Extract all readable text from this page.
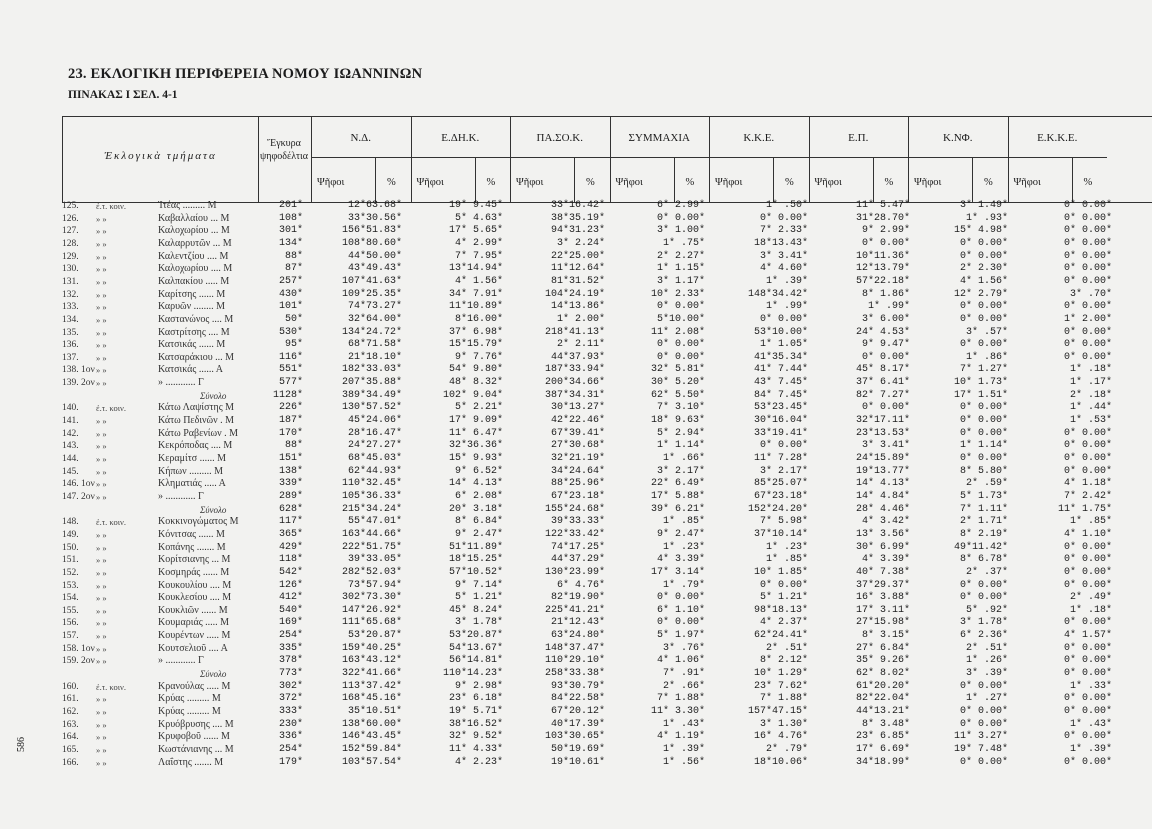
23. ΕΚΛΟΓΙΚΗ ΠΕΡΙΦΕΡΕΙΑ ΝΟΜΟΥ ΙΩΑΝΝΙΝΩΝ
ΠΙΝΑΚΑΣ Ι ΣΕΛ. 4-1
586
Ἐκλογικὰ τμήματα
Ἔγκυρα ψηφοδέλτια
Ν.Δ.
Ψῆφοι	%
Ε.ΔΗ.Κ.
Ψῆφοι	%
ΠΑ.ΣΟ.Κ.
Ψῆφοι	%
ΣΥΜΜΑΧΙΑ
Ψῆφοι	%
Κ.Κ.Ε.
Ψῆφοι	%
Ε.Π.
Ψῆφοι	%
Κ.ΝΦ.
Ψῆφοι	%
Ε.Κ.Κ.Ε.
Ψῆφοι	%
125.	ἐ.τ. κοιν.	Ἰτέας ......... Μ	201*	12*63.68*	19* 9.45*	33*16.42*	6* 2.99*	1* .50*	11* 5.47*	3* 1.49*	0* 0.00*
126.	» »	Καβαλλαίου ... Μ	108*	33*30.56*	5* 4.63*	38*35.19*	0* 0.00*	0* 0.00*	31*28.70*	1* .93*	0* 0.00*
127.	» »	Καλοχωρίου ... Μ	301*	156*51.83*	17* 5.65*	94*31.23*	3* 1.00*	7* 2.33*	9* 2.99*	15* 4.98*	0* 0.00*
128.	» »	Καλαρρυτῶν ... Μ	134*	108*80.60*	4* 2.99*	3* 2.24*	1* .75*	18*13.43*	0* 0.00*	0* 0.00*	0* 0.00*
129.	» »	Καλεντζίου .... Μ	88*	44*50.00*	7* 7.95*	22*25.00*	2* 2.27*	3* 3.41*	10*11.36*	0* 0.00*	0* 0.00*
130.	» »	Καλοχωρίου .... Μ	87*	43*49.43*	13*14.94*	11*12.64*	1* 1.15*	4* 4.60*	12*13.79*	2* 2.30*	0* 0.00*
131.	» »	Καλπακίου ..... Μ	257*	107*41.63*	4* 1.56*	81*31.52*	3* 1.17*	1* .39*	57*22.18*	4* 1.56*	0* 0.00*
132.	» »	Καρίτσης ...... Μ	430*	109*25.35*	34* 7.91*	104*24.19*	10* 2.33*	148*34.42*	8* 1.86*	12* 2.79*	3* .70*
133.	» »	Καρυῶν ........ Μ	101*	74*73.27*	11*10.89*	14*13.86*	0* 0.00*	1* .99*	1* .99*	0* 0.00*	0* 0.00*
134.	» »	Καστανώνος .... Μ	50*	32*64.00*	8*16.00*	1* 2.00*	5*10.00*	0* 0.00*	3* 6.00*	0* 0.00*	1* 2.00*
135.	» »	Καστρίτσης .... Μ	530*	134*24.72*	37* 6.98*	218*41.13*	11* 2.08*	53*10.00*	24* 4.53*	3* .57*	0* 0.00*
136.	» »	Κατσικάς ...... Μ	95*	68*71.58*	15*15.79*	2* 2.11*	0* 0.00*	1* 1.05*	9* 9.47*	0* 0.00*	0* 0.00*
137.	» »	Κατσαράκιου ... Μ	116*	21*18.10*	9* 7.76*	44*37.93*	0* 0.00*	41*35.34*	0* 0.00*	1* .86*	0* 0.00*
138. 1ον » »	Κατσικάς ...... Α	551*	182*33.03*	54* 9.80*	187*33.94*	32* 5.81*	41* 7.44*	45* 8.17*	7* 1.27*	1* .18*
139. 2ον » »	» ............ Γ	577*	207*35.88*	48* 8.32*	200*34.66*	30* 5.20*	43* 7.45*	37* 6.41*	10* 1.73*	1* .17*
Σύνολο	1128*	389*34.49*	102* 9.04*	387*34.31*	62* 5.50*	84* 7.45*	82* 7.27*	17* 1.51*	2* .18*
140.	ἐ.τ. κοιν.	Κάτω Λαψίστης Μ	226*	130*57.52*	5* 2.21*	30*13.27*	7* 3.10*	53*23.45*	0* 0.00*	0* 0.00*	1* .44*
141.	» »	Κάτω Πεδινῶν . Μ	187*	45*24.06*	17* 9.09*	42*22.46*	18* 9.63*	30*16.04*	32*17.11*	0* 0.00*	1* .53*
142.	» »	Κάτω Ραβενίων . Μ	170*	28*16.47*	11* 6.47*	67*39.41*	5* 2.94*	33*19.41*	23*13.53*	0* 0.00*	0* 0.00*
143.	» »	Κεκρόποδας .... Μ	88*	24*27.27*	32*36.36*	27*30.68*	1* 1.14*	0* 0.00*	3* 3.41*	1* 1.14*	0* 0.00*
144.	» »	Κεραμίτσ ...... Μ	151*	68*45.03*	15* 9.93*	32*21.19*	1* .66*	11* 7.28*	24*15.89*	0* 0.00*	0* 0.00*
145.	» »	Κήπων ......... Μ	138*	62*44.93*	9* 6.52*	34*24.64*	3* 2.17*	3* 2.17*	19*13.77*	8* 5.80*	0* 0.00*
146. 1ον » »	Κληματιάς ..... Α	339*	110*32.45*	14* 4.13*	88*25.96*	22* 6.49*	85*25.07*	14* 4.13*	2* .59*	4* 1.18*
147. 2ον » »	» ............ Γ	289*	105*36.33*	6* 2.08*	67*23.18*	17* 5.88*	67*23.18*	14* 4.84*	5* 1.73*	7* 2.42*
Σύνολο	628*	215*34.24*	20* 3.18*	155*24.68*	39* 6.21*	152*24.20*	28* 4.46*	7* 1.11*	11* 1.75*
148.	ἐ.τ. κοιν.	Κοκκινογώματος Μ	117*	55*47.01*	8* 6.84*	39*33.33*	1* .85*	7* 5.98*	4* 3.42*	2* 1.71*	1* .85*
149.	» »	Κόνιτσας ...... Μ	365*	163*44.66*	9* 2.47*	122*33.42*	9* 2.47*	37*10.14*	13* 3.56*	8* 2.19*	4* 1.10*
150.	» »	Κοπάνης ....... Μ	429*	222*51.75*	51*11.89*	74*17.25*	1* .23*	1* .23*	30* 6.99*	49*11.42*	0* 0.00*
151.	» »	Κορίτσιανης ... Μ	118*	39*33.05*	18*15.25*	44*37.29*	4* 3.39*	1* .85*	4* 3.39*	8* 6.78*	0* 0.00*
152.	» »	Κοσμηράς ...... Μ	542*	282*52.03*	57*10.52*	130*23.99*	17* 3.14*	10* 1.85*	40* 7.38*	2* .37*	0* 0.00*
153.	» »	Κουκουλίου .... Μ	126*	73*57.94*	9* 7.14*	6* 4.76*	1* .79*	0* 0.00*	37*29.37*	0* 0.00*	0* 0.00*
154.	» »	Κουκλεσίου .... Μ	412*	302*73.30*	5* 1.21*	82*19.90*	0* 0.00*	5* 1.21*	16* 3.88*	0* 0.00*	2* .49*
155.	» »	Κουκλιῶν ...... Μ	540*	147*26.92*	45* 8.24*	225*41.21*	6* 1.10*	98*18.13*	17* 3.11*	5* .92*	1* .18*
156.	» »	Κουμαριάς ..... Μ	169*	111*65.68*	3* 1.78*	21*12.43*	0* 0.00*	4* 2.37*	27*15.98*	3* 1.78*	0* 0.00*
157.	» »	Κουρέντων ..... Μ	254*	53*20.87*	53*20.87*	63*24.80*	5* 1.97*	62*24.41*	8* 3.15*	6* 2.36*	4* 1.57*
158. 1ον » »	Κουτσελιοῦ .... Α	335*	159*40.25*	54*13.67*	148*37.47*	3* .76*	2* .51*	27* 6.84*	2* .51*	0* 0.00*
159. 2ον » »	» ............ Γ	378*	163*43.12*	56*14.81*	110*29.10*	4* 1.06*	8* 2.12*	35* 9.26*	1* .26*	0* 0.00*
Σύνολο	773*	322*41.66*	110*14.23*	258*33.38*	7* .91*	10* 1.29*	62* 8.02*	3* .39*	0* 0.00*
160.	ἐ.τ. κοιν.	Κρανούλας ..... Μ	302*	113*37.42*	9* 2.98*	93*30.79*	2* .66*	23* 7.62*	61*20.20*	0* 0.00*	1* .33*
161.	» »	Κρύας ......... Μ	372*	168*45.16*	23* 6.18*	84*22.58*	7* 1.88*	7* 1.88*	82*22.04*	1* .27*	0* 0.00*
162.	» »	Κρύας ......... Μ	333*	35*10.51*	19* 5.71*	67*20.12*	11* 3.30*	157*47.15*	44*13.21*	0* 0.00*	0* 0.00*
163.	» »	Κρυόβρυσης .... Μ	230*	138*60.00*	38*16.52*	40*17.39*	1* .43*	3* 1.30*	8* 3.48*	0* 0.00*	1* .43*
164.	» »	Κρυφοβοῦ ...... Μ	336*	146*43.45*	32* 9.52*	103*30.65*	4* 1.19*	16* 4.76*	23* 6.85*	11* 3.27*	0* 0.00*
165.	» »	Κωστάνιανης ... Μ	254*	152*59.84*	11* 4.33*	50*19.69*	1* .39*	2* .79*	17* 6.69*	19* 7.48*	1* .39*
166.	» »	Λαΐστης ....... Μ	179*	103*57.54*	4* 2.23*	19*10.61*	1* .56*	18*10.06*	34*18.99*	0* 0.00*	0* 0.00*
